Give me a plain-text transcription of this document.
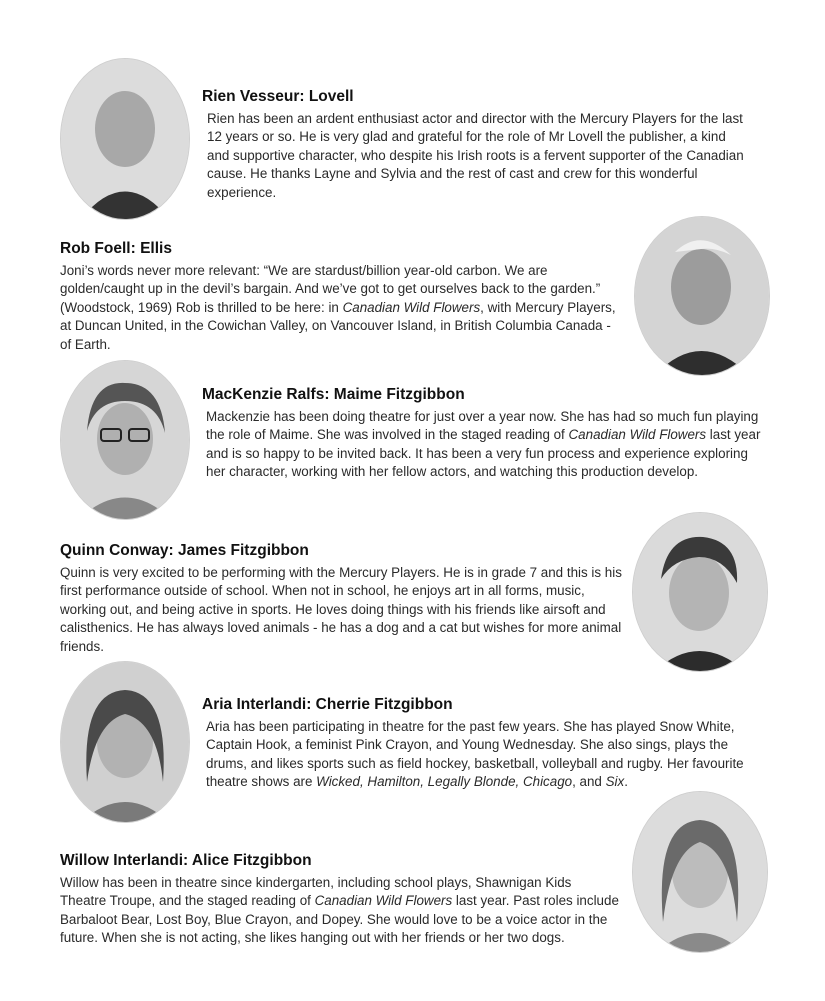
Rien Vesseur: Lovell

Rien has been an ardent enthusiast actor and director with the Mercury Players for the last 12 years or so. He is very glad and grateful for the role of Mr Lovell the publisher, a kind and supportive character, who despite his Irish roots is a fervent supporter of the Canadian cause. He thanks Layne and Sylvia and the rest of cast and crew for this wonderful experience.

Rob Foell: Ellis

Joni’s words never more relevant: “We are stardust/billion year-old carbon. We are golden/caught up in the devil’s bargain. And we’ve got to get ourselves back to the garden.” (Woodstock, 1969) Rob is thrilled to be here: in Canadian Wild Flowers, with Mercury Players, at Duncan United, in the Cowichan Valley, on Vancouver Island, in British Columbia Canada - of Earth.

MacKenzie Ralfs: Maime Fitzgibbon

Mackenzie has been doing theatre for just over a year now. She has had so much fun playing the role of Maime. She was involved in the staged reading of Canadian Wild Flowers last year and is so happy to be invited back. It has been a very fun process and experience exploring her character, working with her fellow actors, and watching this production develop.

Quinn Conway: James Fitzgibbon

Quinn is very excited to be performing with the Mercury Players. He is in grade 7 and this is his first performance outside of school. When not in school, he enjoys art in all forms, music, working out, and being active in sports. He loves doing things with his friends like airsoft and calisthenics. He has always loved animals - he has a dog and a cat but wishes for more animal friends.

Aria Interlandi: Cherrie Fitzgibbon

Aria has been participating in theatre for the past few years. She has played Snow White, Captain Hook, a feminist Pink Crayon, and Young Wednesday. She also sings, plays the drums, and likes sports such as field hockey, basketball, volleyball and rugby. Her favourite theatre shows are Wicked, Hamilton, Legally Blonde, Chicago, and Six.

Willow Interlandi: Alice Fitzgibbon

Willow has been in theatre since kindergarten, including school plays, Shawnigan Kids Theatre Troupe, and the staged reading of Canadian Wild Flowers last year. Past roles include Barbaloot Bear, Lost Boy, Blue Crayon, and Dopey. She would love to be a voice actor in the future. When she is not acting, she likes hanging out with her friends or her two dogs.
